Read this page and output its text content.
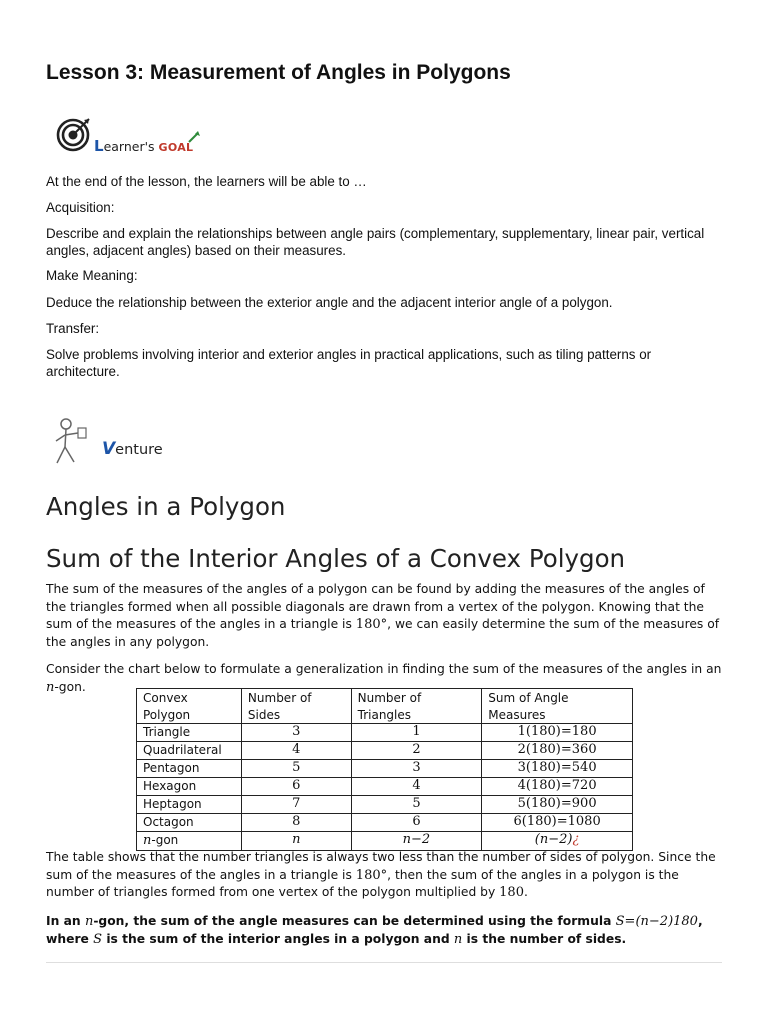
Lesson 3: Measurement of Angles in Polygons
Learner's GOAL
At the end of the lesson, the learners will be able to …
Acquisition:
Describe and explain the relationships between angle pairs (complementary, supplementary, linear pair, vertical angles, adjacent angles) based on their measures.
Make Meaning:
Deduce the relationship between the exterior angle and the adjacent interior angle of a polygon.
Transfer:
Solve problems involving interior and exterior angles in practical applications, such as tiling patterns or architecture.
Venture
Angles in a Polygon
Sum of the Interior Angles of a Convex Polygon
The sum of the measures of the angles of a polygon can be found by adding the measures of the angles of the triangles formed when all possible diagonals are drawn from a vertex of the polygon. Knowing that the sum of the measures of the angles in a triangle is 180°, we can easily determine the sum of the measures of the angles in any polygon.
Consider the chart below to formulate a generalization in finding the sum of the measures of the angles in an n-gon.
Convex Polygon	Number of Sides	Number of Triangles	Sum of Angle Measures
Triangle	3	1	1(180)=180
Quadrilateral	4	2	2(180)=360
Pentagon	5	3	3(180)=540
Hexagon	6	4	4(180)=720
Heptagon	7	5	5(180)=900
Octagon	8	6	6(180)=1080
n-gon	n	n−2	(n−2)¿
The table shows that the number triangles is always two less than the number of sides of polygon. Since the sum of the measures of the angles in a triangle is 180°, then the sum of the angles in a polygon is the number of triangles formed from one vertex of the polygon multiplied by 180.
In an n-gon, the sum of the angle measures can be determined using the formula S=(n−2)180, where S is the sum of the interior angles in a polygon and n is the number of sides.
